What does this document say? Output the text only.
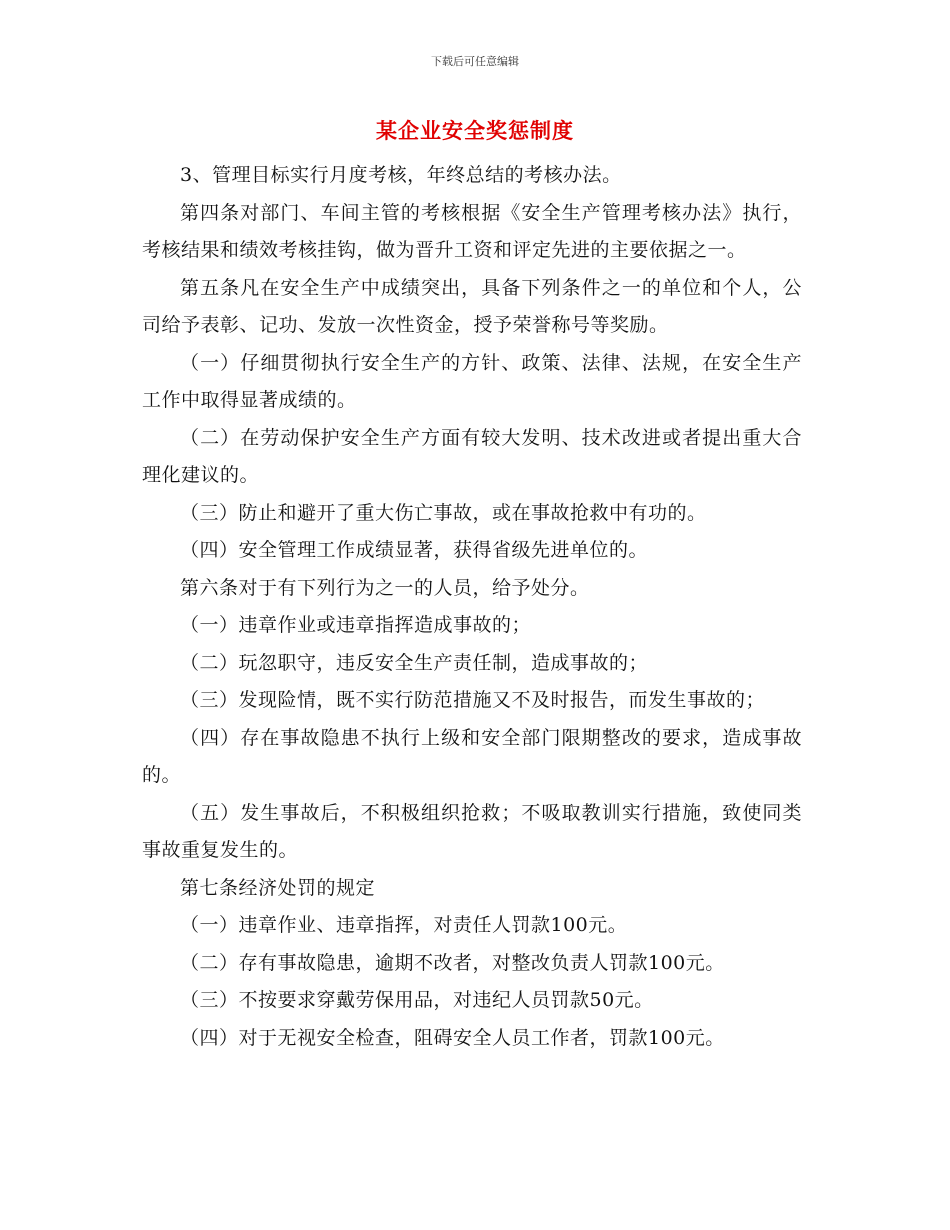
下载后可任意编辑
某企业安全奖惩制度

3、管理目标实行月度考核，年终总结的考核办法。

第四条对部门、车间主管的考核根据《安全生产管理考核办法》执行，考核结果和绩效考核挂钩，做为晋升工资和评定先进的主要依据之一。

第五条凡在安全生产中成绩突出，具备下列条件之一的单位和个人，公司给予表彰、记功、发放一次性资金，授予荣誉称号等奖励。

（一）仔细贯彻执行安全生产的方针、政策、法律、法规，在安全生产工作中取得显著成绩的。

（二）在劳动保护安全生产方面有较大发明、技术改进或者提出重大合理化建议的。

（三）防止和避开了重大伤亡事故，或在事故抢救中有功的。

（四）安全管理工作成绩显著，获得省级先进单位的。

第六条对于有下列行为之一的人员，给予处分。

（一）违章作业或违章指挥造成事故的；

（二）玩忽职守，违反安全生产责任制，造成事故的；

（三）发现险情，既不实行防范措施又不及时报告，而发生事故的；

（四）存在事故隐患不执行上级和安全部门限期整改的要求，造成事故的。

（五）发生事故后，不积极组织抢救；不吸取教训实行措施，致使同类事故重复发生的。

第七条经济处罚的规定

（一）违章作业、违章指挥，对责任人罚款100元。

（二）存有事故隐患，逾期不改者，对整改负责人罚款100元。

（三）不按要求穿戴劳保用品，对违纪人员罚款50元。

（四）对于无视安全检查，阻碍安全人员工作者，罚款100元。
